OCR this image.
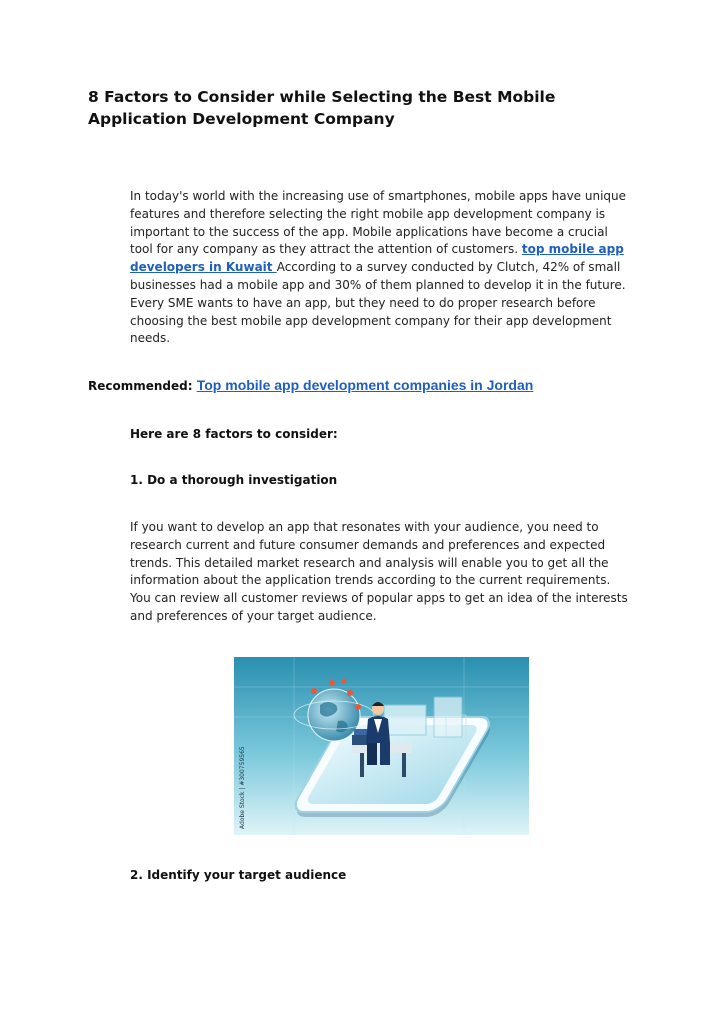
8 Factors to Consider while Selecting the Best Mobile Application Development Company
In today's world with the increasing use of smartphones, mobile apps have unique features and therefore selecting the right mobile app development company is important to the success of the app. Mobile applications have become a crucial tool for any company as they attract the attention of customers. top mobile app developers in Kuwait According to a survey conducted by Clutch, 42% of small businesses had a mobile app and 30% of them planned to develop it in the future. Every SME wants to have an app, but they need to do proper research before choosing the best mobile app development company for their app development needs.
Recommended: Top mobile app development companies in Jordan
Here are 8 factors to consider:
1. Do a thorough investigation
If you want to develop an app that resonates with your audience, you need to research current and future consumer demands and preferences and expected trends. This detailed market research and analysis will enable you to get all the information about the application trends according to the current requirements. You can review all customer reviews of popular apps to get an idea of the interests and preferences of your target audience.
Adobe Stock | #300759565
2. Identify your target audience
